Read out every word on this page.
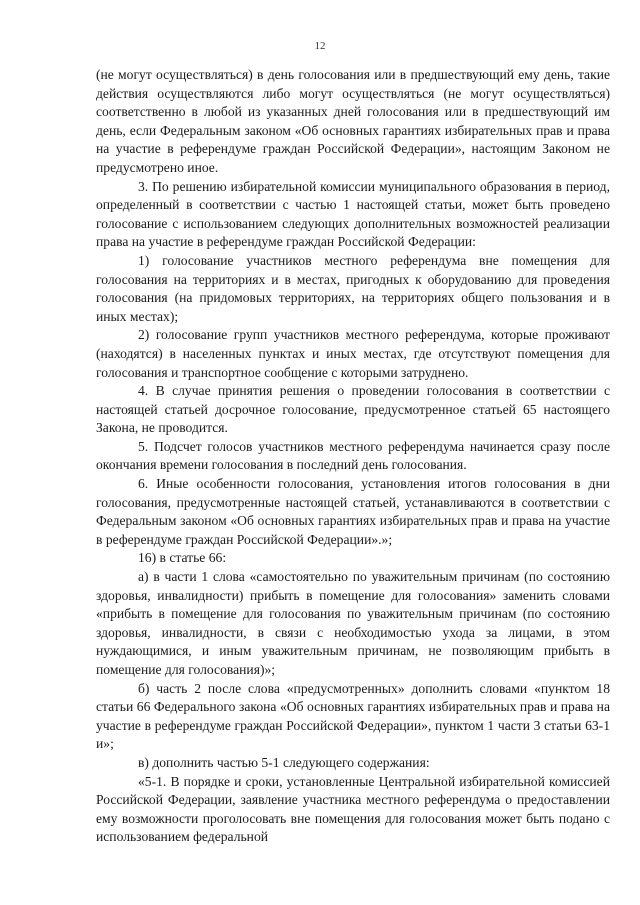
12

(не могут осуществляться) в день голосования или в предшествующий ему день, такие действия осуществляются либо могут осуществляться (не могут осуществляться) соответственно в любой из указанных дней голосования или в предшествующий им день, если Федеральным законом «Об основных гарантиях избирательных прав и права на участие в референдуме граждан Российской Федерации», настоящим Законом не предусмотрено иное.

3. По решению избирательной комиссии муниципального образования в период, определенный в соответствии с частью 1 настоящей статьи, может быть проведено голосование с использованием следующих дополнительных возможностей реализации права на участие в референдуме граждан Российской Федерации:

1) голосование участников местного референдума вне помещения для голосования на территориях и в местах, пригодных к оборудованию для проведения голосования (на придомовых территориях, на территориях общего пользования и в иных местах);

2) голосование групп участников местного референдума, которые проживают (находятся) в населенных пунктах и иных местах, где отсутствуют помещения для голосования и транспортное сообщение с которыми затруднено.

4. В случае принятия решения о проведении голосования в соответствии с настоящей статьей досрочное голосование, предусмотренное статьей 65 настоящего Закона, не проводится.

5. Подсчет голосов участников местного референдума начинается сразу после окончания времени голосования в последний день голосования.

6. Иные особенности голосования, установления итогов голосования в дни голосования, предусмотренные настоящей статьей, устанавливаются в соответствии с Федеральным законом «Об основных гарантиях избирательных прав и права на участие в референдуме граждан Российской Федерации».»;

16) в статье 66:

а) в части 1 слова «самостоятельно по уважительным причинам (по состоянию здоровья, инвалидности) прибыть в помещение для голосования» заменить словами «прибыть в помещение для голосования по уважительным причинам (по состоянию здоровья, инвалидности, в связи с необходимостью ухода за лицами, в этом нуждающимися, и иным уважительным причинам, не позволяющим прибыть в помещение для голосования)»;

б) часть 2 после слова «предусмотренных» дополнить словами «пунктом 18 статьи 66 Федерального закона «Об основных гарантиях избирательных прав и права на участие в референдуме граждан Российской Федерации», пунктом 1 части 3 статьи 63-1 и»;

в) дополнить частью 5-1 следующего содержания:

«5-1. В порядке и сроки, установленные Центральной избирательной комиссией Российской Федерации, заявление участника местного референдума о предоставлении ему возможности проголосовать вне помещения для голосования может быть подано с использованием федеральной
